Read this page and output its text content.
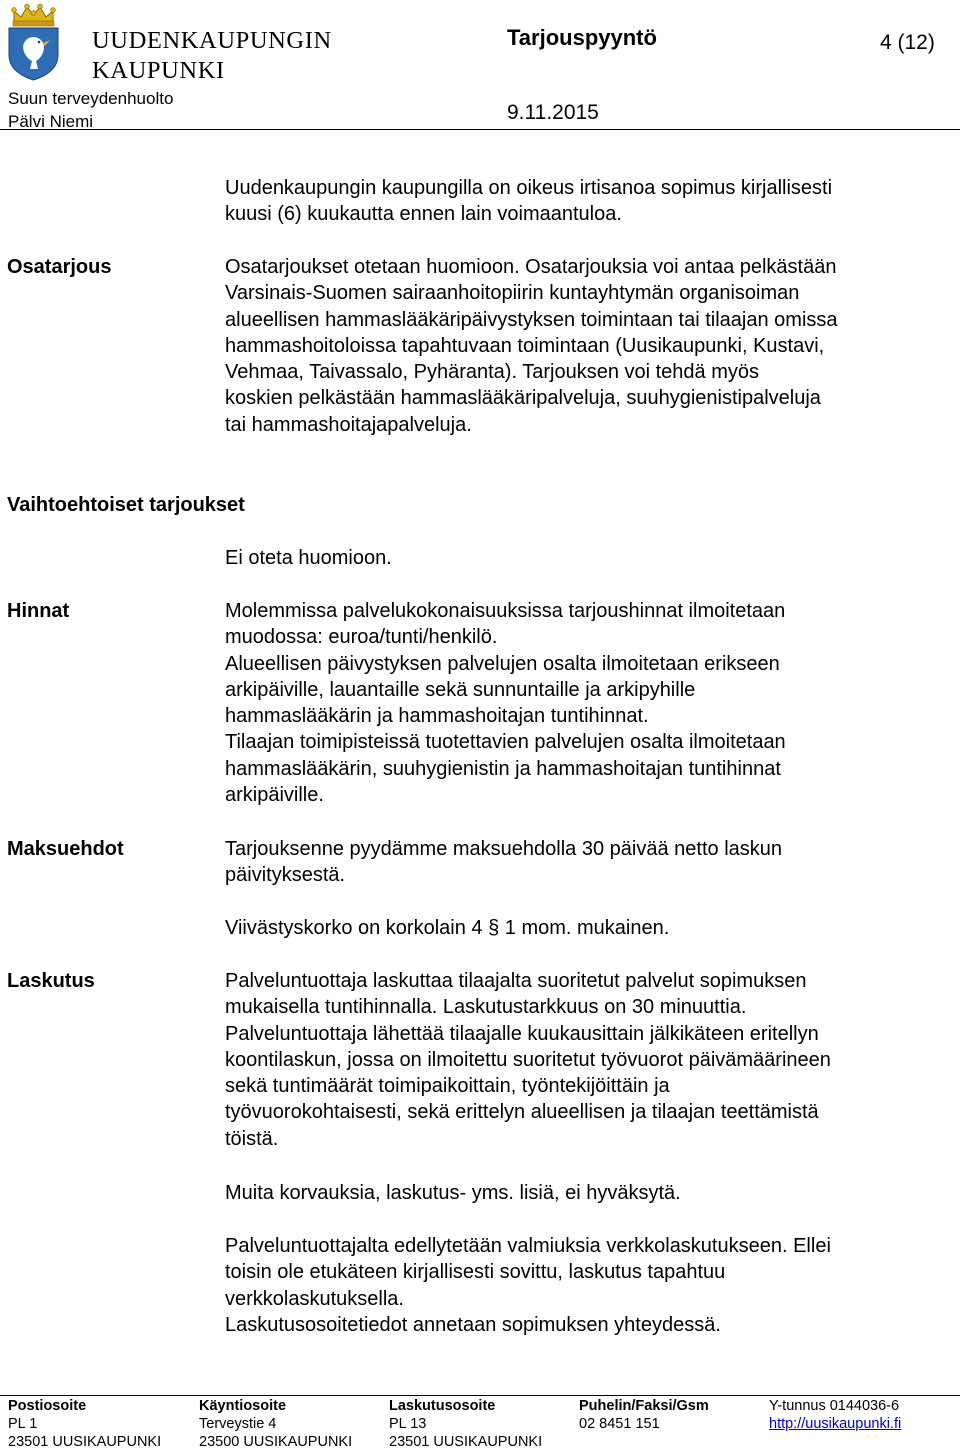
UUDENKAUPUNGIN
KAUPUNKI
Suun terveydenhuolto
Pälvi Niemi
Tarjouspyyntö
9.11.2015
4 (12)
Uudenkaupungin kaupungilla on oikeus irtisanoa sopimus kirjallisesti
kuusi (6) kuukautta ennen lain voimaantuloa.
Osatarjous	Osatarjoukset otetaan huomioon. Osatarjouksia voi antaa pelkästään
Varsinais-Suomen sairaanhoitopiirin kuntayhtymän organisoiman
alueellisen hammaslääkäripäivystyksen toimintaan tai tilaajan omissa
hammashoitoloissa tapahtuvaan toimintaan (Uusikaupunki, Kustavi,
Vehmaa, Taivassalo, Pyhäranta). Tarjouksen voi tehdä myös
koskien pelkästään hammaslääkäripalveluja, suuhygienistipalveluja
tai hammashoitajapalveluja.
Vaihtoehtoiset tarjoukset
Ei oteta huomioon.
Hinnat	Molemmissa palvelukokonaisuuksissa tarjoushinnat ilmoitetaan
muodossa: euroa/tunti/henkilö.
Alueellisen päivystyksen palvelujen osalta ilmoitetaan erikseen
arkipäiville, lauantaille sekä sunnuntaille ja arkipyhille
hammaslääkärin ja hammashoitajan tuntihinnat.
Tilaajan toimipisteissä tuotettavien palvelujen osalta ilmoitetaan
hammaslääkärin, suuhygienistin ja hammashoitajan tuntihinnat
arkipäiville.
Maksuehdot	Tarjouksenne pyydämme maksuehdolla 30 päivää netto laskun
päivityksestä.
Viivästyskorko on korkolain 4 § 1 mom. mukainen.
Laskutus	Palveluntuottaja laskuttaa tilaajalta suoritetut palvelut sopimuksen
mukaisella tuntihinnalla. Laskutustarkkuus on 30 minuuttia.
Palveluntuottaja lähettää tilaajalle kuukausittain jälkikäteen eritellyn
koontilaskun, jossa on ilmoitettu suoritetut työvuorot päivämäärineen
sekä tuntimäärät toimipaikoittain, työntekijöittäin ja
työvuorokohtaisesti, sekä erittelyn alueellisen ja tilaajan teettämistä
töistä.
Muita korvauksia, laskutus- yms. lisiä, ei hyväksytä.
Palveluntuottajalta edellytetään valmiuksia verkkolaskutukseen. Ellei
toisin ole etukäteen kirjallisesti sovittu, laskutus tapahtuu
verkkolaskutuksella.
Laskutusosoitetiedot annetaan sopimuksen yhteydessä.
Postiosoite
PL 1
23501 UUSIKAUPUNKI
Käyntiosoite
Terveystie 4
23500 UUSIKAUPUNKI
Laskutusosoite
PL 13
23501 UUSIKAUPUNKI
Puhelin/Faksi/Gsm
02 8451 151
Y-tunnus 0144036-6
http://uusikaupunki.fi
